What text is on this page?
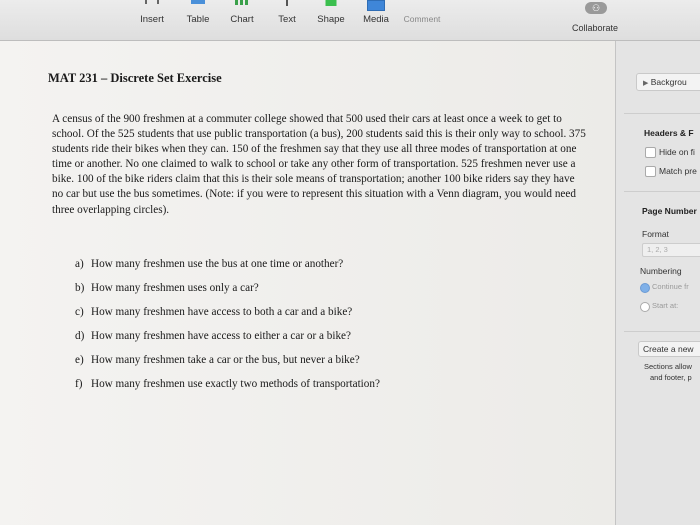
Insert	Table	Chart	Text	Shape	Media	Comment
⚇
Collaborate
MAT 231 – Discrete Set Exercise
A census of the 900 freshmen at a commuter college showed that 500 used their cars at least once a week to get to school. Of the 525 students that use public transportation (a bus), 200 students said this is their only way to school. 375 students ride their bikes when they can. 150 of the freshmen say that they use all three modes of transportation at one time or another. No one claimed to walk to school or take any other form of transportation. 525 freshmen never use a bike. 100 of the bike riders claim that this is their sole means of transportation; another 100 bike riders say they have no car but use the bus sometimes. (Note: if you were to represent this situation with a Venn diagram, you would need three overlapping circles).
a) How many freshmen use the bus at one time or another?
b) How many freshmen uses only a car?
c) How many freshmen have access to both a car and a bike?
d) How many freshmen have access to either a car or a bike?
e) How many freshmen take a car or the bus, but never a bike?
f) How many freshmen use exactly two methods of transportation?
▶ Backgrou
Headers & F
Hide on fi
Match pre
Page Number
Format
1, 2, 3
Numbering
Continue fr
Start at:
Create a new
Sections allow
and footer, p
